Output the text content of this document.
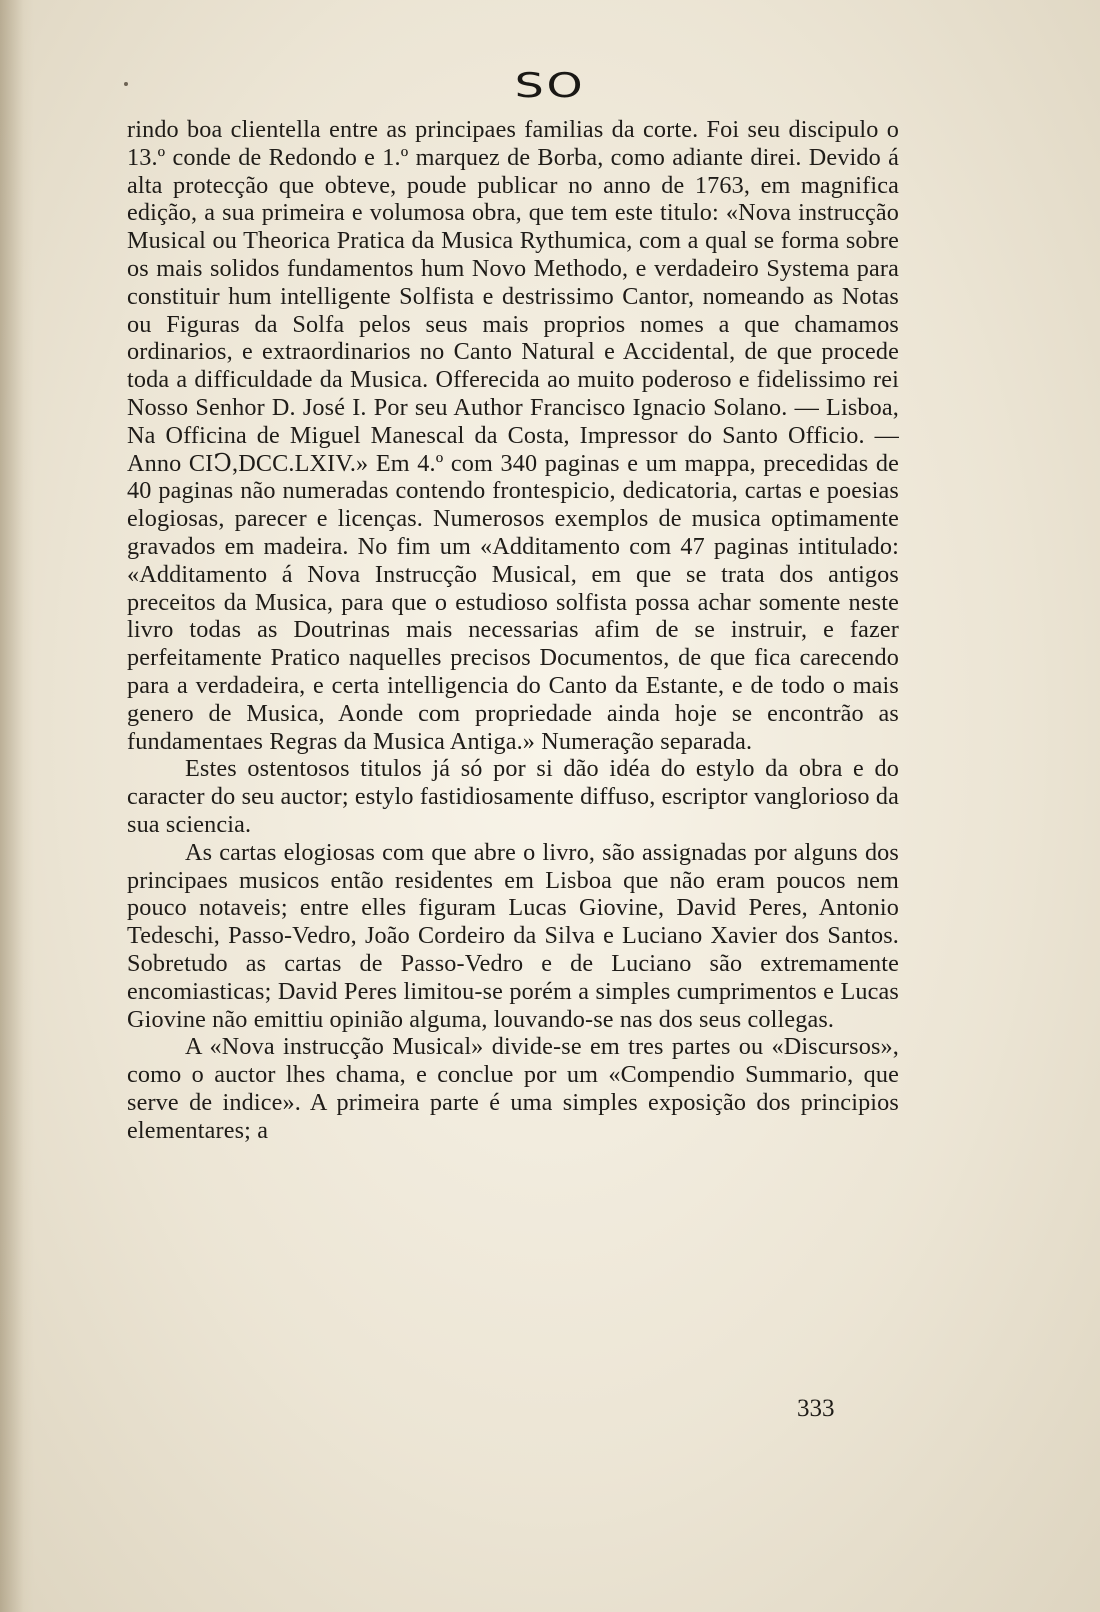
SO

rindo boa clientella entre as principaes familias da corte. Foi seu discipulo o 13.º conde de Redondo e 1.º marquez de Borba, como adiante direi. Devido á alta protecção que obteve, poude publicar no anno de 1763, em magnifica edição, a sua primeira e volumosa obra, que tem este titulo: «Nova instrucção Musical ou Theorica Pratica da Musica Rythumica, com a qual se forma sobre os mais solidos fundamentos hum Novo Methodo, e verdadeiro Systema para constituir hum intelligente Solfista e destrissimo Cantor, nomeando as Notas ou Figuras da Solfa pelos seus mais proprios nomes a que chamamos ordinarios, e extraordinarios no Canto Natural e Accidental, de que procede toda a difficuldade da Musica. Offerecida ao muito poderoso e fidelissimo rei Nosso Senhor D. José I. Por seu Author Francisco Ignacio Solano. — Lisboa, Na Officina de Miguel Manescal da Costa, Impressor do Santo Officio. — Anno CIↃ,DCC.LXIV.» Em 4.º com 340 paginas e um mappa, precedidas de 40 paginas não numeradas contendo frontespicio, dedicatoria, cartas e poesias elogiosas, parecer e licenças. Numerosos exemplos de musica optimamente gravados em madeira. No fim um «Additamento com 47 paginas intitulado: «Additamento á Nova Instrucção Musical, em que se trata dos antigos preceitos da Musica, para que o estudioso solfista possa achar somente neste livro todas as Doutrinas mais necessarias afim de se instruir, e fazer perfeitamente Pratico naquelles precisos Documentos, de que fica carecendo para a verdadeira, e certa intelligencia do Canto da Estante, e de todo o mais genero de Musica, Aonde com propriedade ainda hoje se encontrão as fundamentaes Regras da Musica Antiga.» Numeração separada.

Estes ostentosos titulos já só por si dão idéa do estylo da obra e do caracter do seu auctor; estylo fastidiosamente diffuso, escriptor vanglorioso da sua sciencia.

As cartas elogiosas com que abre o livro, são assignadas por alguns dos principaes musicos então residentes em Lisboa que não eram poucos nem pouco notaveis; entre elles figuram Lucas Giovine, David Peres, Antonio Tedeschi, Passo-Vedro, João Cordeiro da Silva e Luciano Xavier dos Santos. Sobretudo as cartas de Passo-Vedro e de Luciano são extremamente encomiasticas; David Peres limitou-se porém a simples cumprimentos e Lucas Giovine não emittiu opinião alguma, louvando-se nas dos seus collegas.

A «Nova instrucção Musical» divide-se em tres partes ou «Discursos», como o auctor lhes chama, e conclue por um «Compendio Summario, que serve de indice». A primeira parte é uma simples exposição dos principios elementares; a

333
